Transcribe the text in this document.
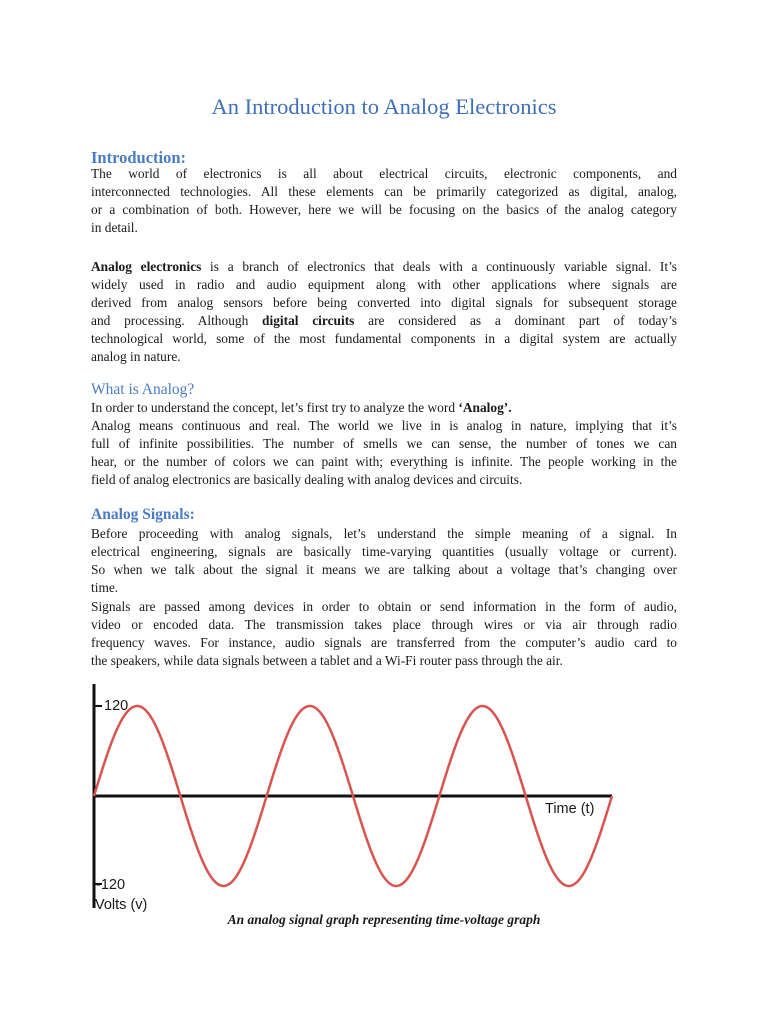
An Introduction to Analog Electronics
Introduction:
The world of electronics is all about electrical circuits, electronic components, and
interconnected technologies. All these elements can be primarily categorized as digital, analog,
or a combination of both. However, here we will be focusing on the basics of the analog category
in detail.
Analog electronics is a branch of electronics that deals with a continuously variable signal. It’s
widely used in radio and audio equipment along with other applications where signals are
derived from analog sensors before being converted into digital signals for subsequent storage
and processing. Although digital circuits are considered as a dominant part of today’s
technological world, some of the most fundamental components in a digital system are actually
analog in nature.
What is Analog?
In order to understand the concept, let’s first try to analyze the word ‘Analog’.
Analog means continuous and real. The world we live in is analog in nature, implying that it’s
full of infinite possibilities. The number of smells we can sense, the number of tones we can
hear, or the number of colors we can paint with; everything is infinite. The people working in the
field of analog electronics are basically dealing with analog devices and circuits.
Analog Signals:
Before proceeding with analog signals, let’s understand the simple meaning of a signal. In
electrical engineering, signals are basically time-varying quantities (usually voltage or current).
So when we talk about the signal it means we are talking about a voltage that’s changing over
time.
Signals are passed among devices in order to obtain or send information in the form of audio,
video or encoded data. The transmission takes place through wires or via air through radio
frequency waves. For instance, audio signals are transferred from the computer’s audio card to
the speakers, while data signals between a tablet and a Wi-Fi router pass through the air.
120
-120
Time (t)
Volts (v)
An analog signal graph representing time-voltage graph
